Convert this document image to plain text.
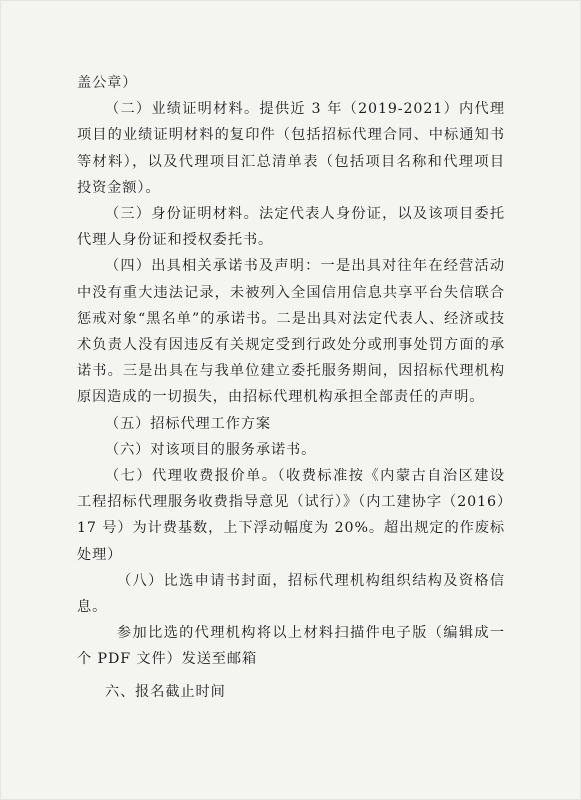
盖公章）

（二）业绩证明材料。提供近 3 年（2019-2021）内代理项目的业绩证明材料的复印件（包括招标代理合同、中标通知书等材料），以及代理项目汇总清单表（包括项目名称和代理项目投资金额）。

（三）身份证明材料。法定代表人身份证，以及该项目委托代理人身份证和授权委托书。

（四）出具相关承诺书及声明：一是出具对往年在经营活动中没有重大违法记录，未被列入全国信用信息共享平台失信联合惩戒对象“黑名单”的承诺书。二是出具对法定代表人、经济或技术负责人没有因违反有关规定受到行政处分或刑事处罚方面的承诺书。三是出具在与我单位建立委托服务期间，因招标代理机构原因造成的一切损失，由招标代理机构承担全部责任的声明。

（五）招标代理工作方案

（六）对该项目的服务承诺书。

（七）代理收费报价单。（收费标准按《内蒙古自治区建设工程招标代理服务收费指导意见（试行）》（内工建协字（2016）17 号）为计费基数，上下浮动幅度为 20%。超出规定的作废标处理）

（八）比选申请书封面，招标代理机构组织结构及资格信息。

参加比选的代理机构将以上材料扫描件电子版（编辑成一个 PDF 文件）发送至邮箱

六、报名截止时间
